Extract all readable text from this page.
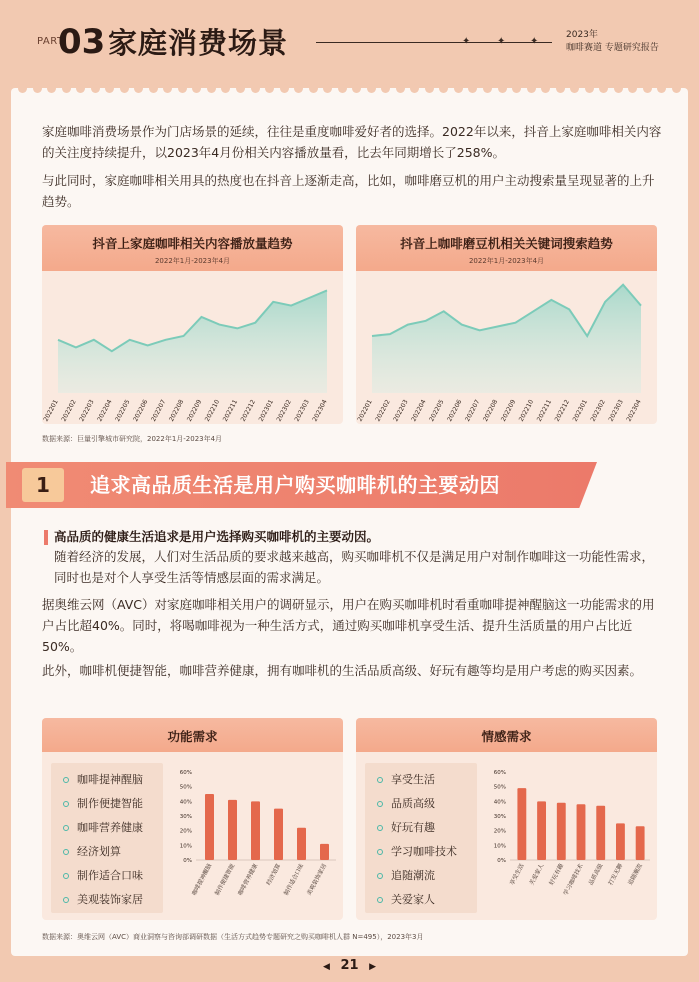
PART
03 家庭消费场景	✦	✦ ✦
2023年
咖啡赛道 专题研究报告

家庭咖啡消费场景作为门店场景的延续，往往是重度咖啡爱好者的选择。2022年以来，抖音上家庭咖啡相关内容的关注度持续提升，以2023年4月份相关内容播放量看，比去年同期增长了258%。

与此同时，家庭咖啡相关用具的热度也在抖音上逐渐走高，比如，咖啡磨豆机的用户主动搜索量呈现显著的上升趋势。

抖音上家庭咖啡相关内容播放量趋势
2022年1月-2023年4月
202201 202202 202203 202204 202205 202206 202207 202208 202209 202210 202211 202212 202301 202302 202303 202304
抖音上咖啡磨豆机相关关键词搜索趋势
2022年1月-2023年4月
202201 202202 202203 202204 202205 202206 202207 202208 202209 202210 202211 202212 202301 202302 202303 202304

数据来源：巨量引擎城市研究院，2022年1月-2023年4月

1	追求高品质生活是用户购买咖啡机的主要动因

高品质的健康生活追求是用户选择购买咖啡机的主要动因。

随着经济的发展，人们对生活品质的要求越来越高，购买咖啡机不仅是满足用户对制作咖啡这一功能性需求，同时也是对个人享受生活等情感层面的需求满足。

据奥维云网（AVC）对家庭咖啡相关用户的调研显示，用户在购买咖啡机时看重咖啡提神醒脑这一功能需求的用户占比超40%。同时，将喝咖啡视为一种生活方式，通过购买咖啡机享受生活、提升生活质量的用户占比近50%。

此外，咖啡机便捷智能，咖啡营养健康，拥有咖啡机的生活品质高级、好玩有趣等均是用户考虑的购买因素。

功能需求
咖啡提神醒脑
制作便捷智能
咖啡营养健康
经济划算
制作适合口味
美观装饰家居
0%
10%
20%
30%
40%
50%
60%
咖啡提神醒脑 制作便捷智能 咖啡营养健康	经济划算 制作适合口味 美观装饰家居
情感需求
享受生活
品质高级
好玩有趣
学习咖啡技术
追随潮流
关爱家人
0%
10%
20%
30%
40%
50%
60%
享受生活 关爱家人 好玩有趣
学习咖啡技术 品质高级 打发无聊 追随潮流

数据来源：奥维云网（AVC）商业洞察与咨询部调研数据（生活方式趋势专题研究之购买咖啡机人群 N=495），2023年3月

◀ 21 ▶
